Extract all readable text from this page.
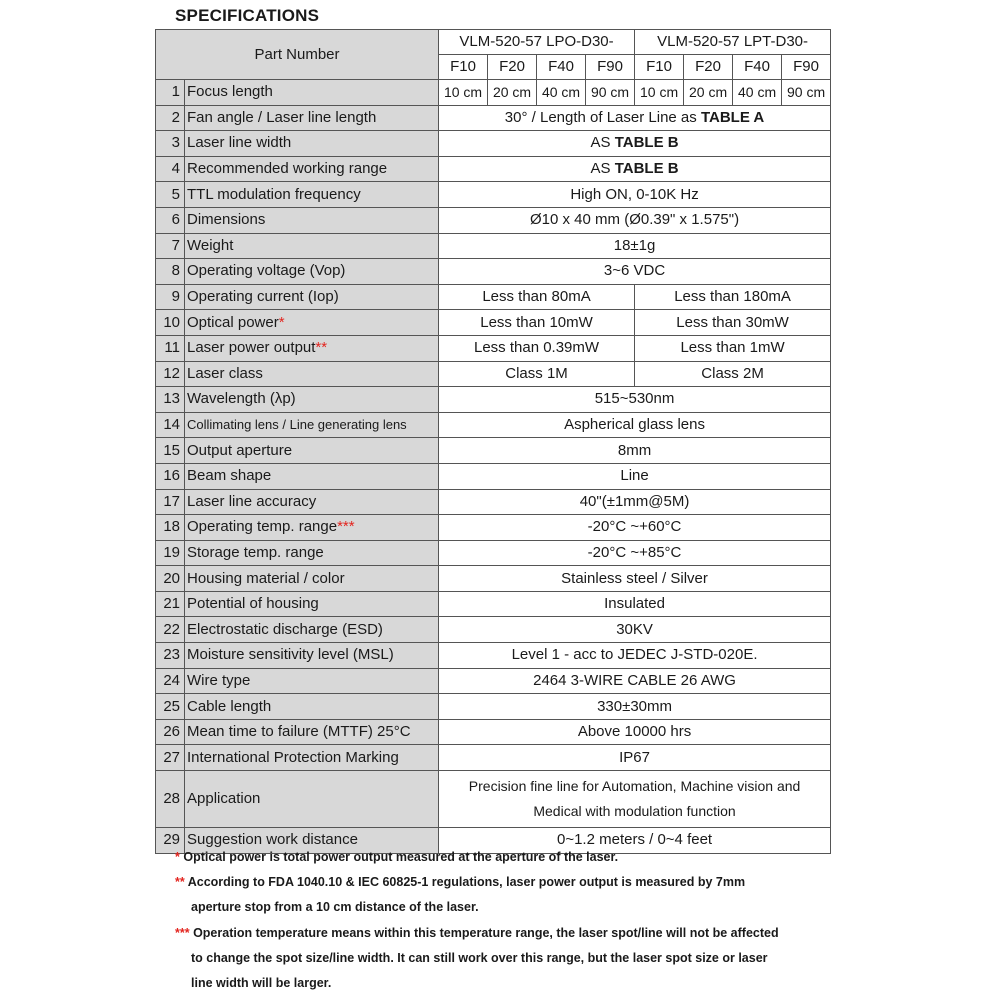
SPECIFICATIONS
Part Number		VLM-520-57 LPO-D30-				VLM-520-57 LPT-D30-			
		F10	F20	F40	F90	F10	F20	F40	F90
1	Focus length	10 cm	20 cm	40 cm	90 cm	10 cm	20 cm	40 cm	90 cm
2	Fan angle / Laser line length	30° / Length of Laser Line as TABLE A							
3	Laser line width	AS TABLE B							
4	Recommended working range	AS TABLE B							
5	TTL modulation frequency	High ON, 0-10K Hz							
6	Dimensions	Ø10 x 40 mm (Ø0.39" x 1.575")							
7	Weight	18±1g							
8	Operating voltage (Vop)	3~6 VDC							
9	Operating current (Iop)	Less than 80mA				Less than 180mA			
10	Optical power*	Less than 10mW				Less than 30mW			
11	Laser power output**	Less than 0.39mW				Less than 1mW			
12	Laser class	Class 1M				Class 2M			
13	Wavelength (λp)	515~530nm							
14	Collimating lens / Line generating lens	Aspherical glass lens							
15	Output aperture	8mm							
16	Beam shape	Line							
17	Laser line accuracy	40"(±1mm@5M)							
18	Operating temp. range***	-20°C ~+60°C							
19	Storage temp. range	-20°C ~+85°C							
20	Housing material / color	Stainless steel / Silver							
21	Potential of housing	Insulated							
22	Electrostatic discharge (ESD)	30KV							
23	Moisture sensitivity level (MSL)	Level 1 - acc to JEDEC J-STD-020E.							
24	Wire type	2464 3-WIRE CABLE 26 AWG							
25	Cable length	330±30mm							
26	Mean time to failure (MTTF) 25°C	Above 10000 hrs							
27	International Protection Marking	IP67							
28	Application	Precision fine line for Automation, Machine vision and Medical with modulation function							
29	Suggestion work distance	0~1.2 meters / 0~4 feet							
* Optical power is total power output measured at the aperture of the laser.
** According to FDA 1040.10 & IEC 60825-1 regulations, laser power output is measured by 7mm
aperture stop from a 10 cm distance of the laser.
*** Operation temperature means within this temperature range, the laser spot/line will not be affected
to change the spot size/line width. It can still work over this range, but the laser spot size or laser
line width will be larger.
